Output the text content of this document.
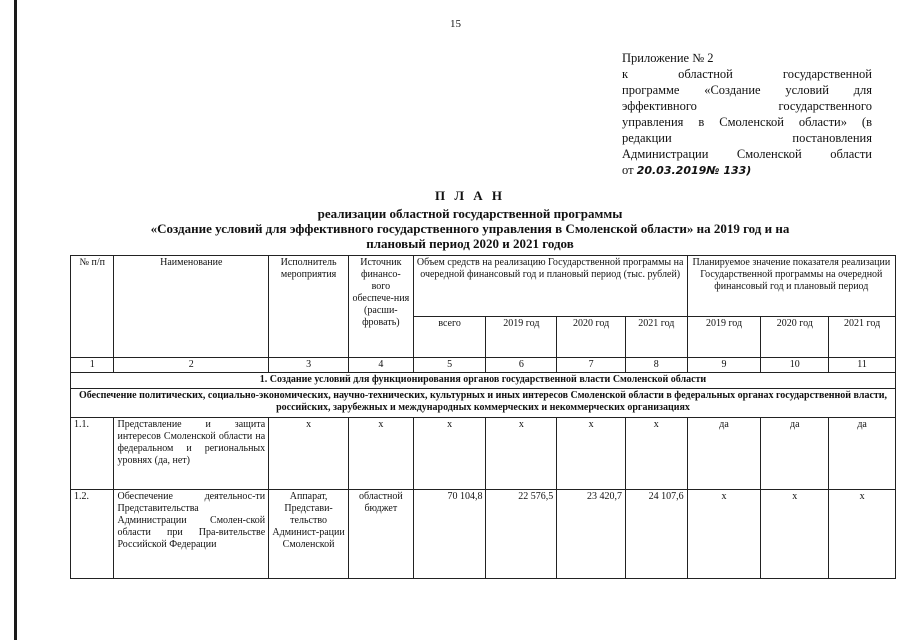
15
Приложение № 2
к областной государственной
программе «Создание условий для
эффективного государственного
управления в Смоленской области» (в
редакции постановления
Администрации Смоленской области
от 20.03.2019№ 133)
П Л А Н
реализации областной государственной программы
«Создание условий для эффективного государственного управления в Смоленской области» на 2019 год и на
плановый период 2020 и 2021 годов
№ п/п	Наименование	Исполнитель мероприятия	Источник финансо-вого обеспече-ния (расши-фровать)	Объем средств на реализацию Государственной программы на очередной финансовый год и плановый период (тыс. рублей)				Планируемое значение показателя реализации Государственной программы на очередной финансовый год и плановый период		
				всего	2019 год	2020 год	2021 год	2019 год	2020 год	2021 год
1	2	3	4	5	6	7	8	9	10	11
1. Создание условий для функционирования органов государственной власти Смоленской области										
Обеспечение политических, социально-экономических, научно-технических, культурных и иных интересов Смоленской области в федеральных органах государственной власти, российских, зарубежных и международных коммерческих и некоммерческих организациях										
1.1.	Представление и защита интересов Смоленской области на федеральном и региональных уровнях (да, нет)	х	х	х	х	х	х	да	да	да
1.2.	Обеспечение деятельнос-ти Представительства Администрации Смолен-ской области при Пра-вительстве Российской Федерации	Аппарат, Представи-тельство Админист-рации Смоленской	областной бюджет	70 104,8	22 576,5	23 420,7	24 107,6	х	х	х
